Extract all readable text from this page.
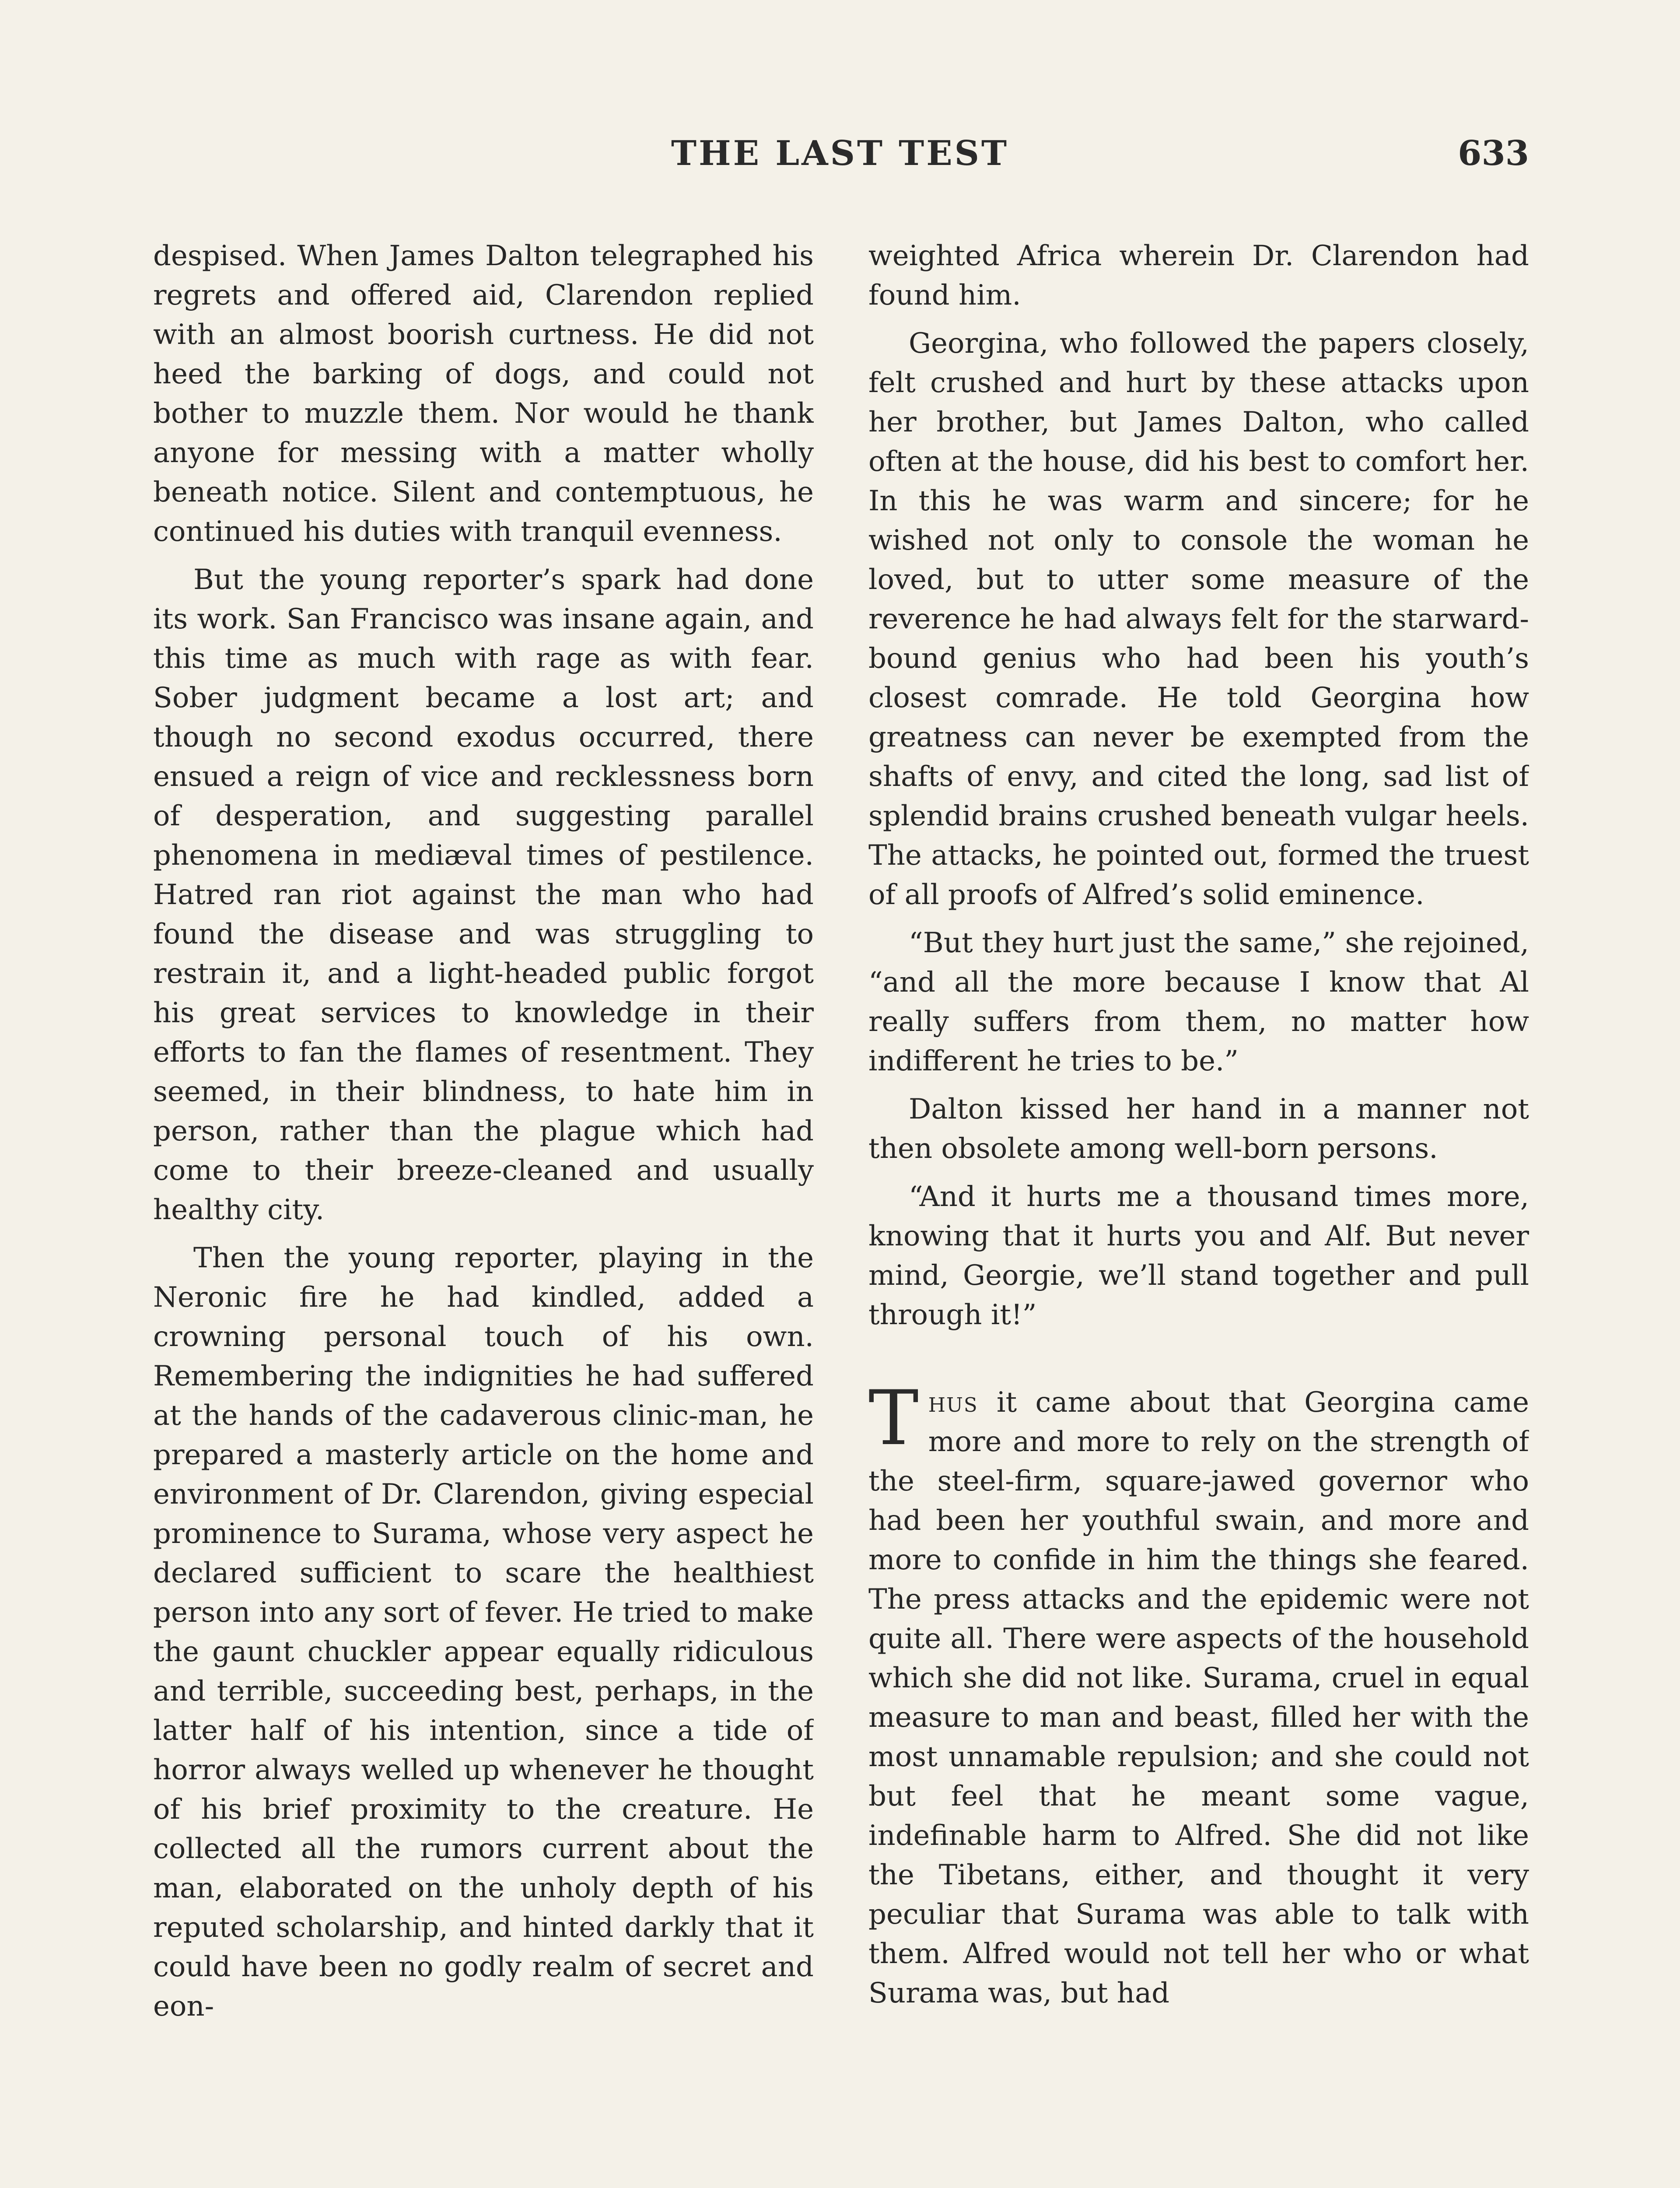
THE LAST TEST	633

despised. When James Dalton telegraphed his regrets and offered aid, Clarendon replied with an almost boorish curtness. He did not heed the barking of dogs, and could not bother to muzzle them. Nor would he thank anyone for messing with a matter wholly beneath notice. Silent and contemptuous, he continued his duties with tranquil evenness.

But the young reporter’s spark had done its work. San Francisco was insane again, and this time as much with rage as with fear. Sober judgment became a lost art; and though no second exodus occurred, there ensued a reign of vice and recklessness born of desperation, and suggesting parallel phenomena in mediæval times of pestilence. Hatred ran riot against the man who had found the disease and was struggling to restrain it, and a light-headed public forgot his great services to knowledge in their efforts to fan the flames of resentment. They seemed, in their blindness, to hate him in person, rather than the plague which had come to their breeze-cleaned and usually healthy city.

Then the young reporter, playing in the Neronic fire he had kindled, added a crowning personal touch of his own. Remembering the indignities he had suffered at the hands of the cadaverous clinic-man, he prepared a masterly article on the home and environment of Dr. Clarendon, giving especial prominence to Surama, whose very aspect he declared sufficient to scare the healthiest person into any sort of fever. He tried to make the gaunt chuckler appear equally ridiculous and terrible, succeeding best, perhaps, in the latter half of his intention, since a tide of horror always welled up whenever he thought of his brief proximity to the creature. He collected all the rumors current about the man, elaborated on the unholy depth of his reputed scholarship, and hinted darkly that it could have been no godly realm of secret and eon-

weighted Africa wherein Dr. Clarendon had found him.

Georgina, who followed the papers closely, felt crushed and hurt by these attacks upon her brother, but James Dalton, who called often at the house, did his best to comfort her. In this he was warm and sincere; for he wished not only to console the woman he loved, but to utter some measure of the reverence he had always felt for the starward-bound genius who had been his youth’s closest comrade. He told Georgina how greatness can never be exempted from the shafts of envy, and cited the long, sad list of splendid brains crushed beneath vulgar heels. The attacks, he pointed out, formed the truest of all proofs of Alfred’s solid eminence.

“But they hurt just the same,” she rejoined, “and all the more because I know that Al really suffers from them, no matter how indifferent he tries to be.”

Dalton kissed her hand in a manner not then obsolete among well-born persons.

“And it hurts me a thousand times more, knowing that it hurts you and Alf. But never mind, Georgie, we’ll stand together and pull through it!”

Thus it came about that Georgina came more and more to rely on the strength of the steel-firm, square-jawed governor who had been her youthful swain, and more and more to confide in him the things she feared. The press attacks and the epidemic were not quite all. There were aspects of the household which she did not like. Surama, cruel in equal measure to man and beast, filled her with the most unnamable repulsion; and she could not but feel that he meant some vague, indefinable harm to Alfred. She did not like the Tibetans, either, and thought it very peculiar that Surama was able to talk with them. Alfred would not tell her who or what Surama was, but had
